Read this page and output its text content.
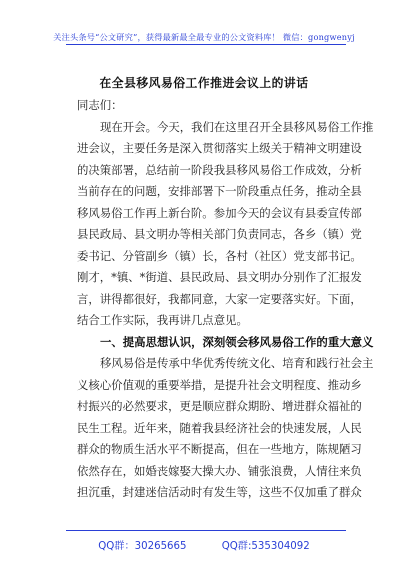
关注头条号“公文研究”，获得最新最全最专业的公文资料库！ 微信：gongwenyj
在全县移风易俗工作推进会议上的讲话
同志们：
现在开会。今天，我们在这里召开全县移风易俗工作推
进会议，主要任务是深入贯彻落实上级关于精神文明建设
的决策部署，总结前一阶段我县移风易俗工作成效，分析
当前存在的问题，安排部署下一阶段重点任务，推动全县
移风易俗工作再上新台阶。参加今天的会议有县委宣传部
县民政局、县文明办等相关部门负责同志，各乡（镇）党
委书记、分管副乡（镇）长，各村（社区）党支部书记。
刚才，*镇、*街道、县民政局、县文明办分别作了汇报发
言，讲得都很好，我都同意，大家一定要落实好。下面，
结合工作实际，我再讲几点意见。
一、提高思想认识，深刻领会移风易俗工作的重大意义
移风易俗是传承中华优秀传统文化、培育和践行社会主
义核心价值观的重要举措，是提升社会文明程度、推动乡
村振兴的必然要求，更是顺应群众期盼、增进群众福祉的
民生工程。近年来，随着我县经济社会的快速发展，人民
群众的物质生活水平不断提高，但在一些地方，陈规陋习
依然存在，如婚丧嫁娶大操大办、铺张浪费，人情往来负
担沉重，封建迷信活动时有发生等，这些不仅加重了群众
QQ群：30265665	QQ群:535304092
